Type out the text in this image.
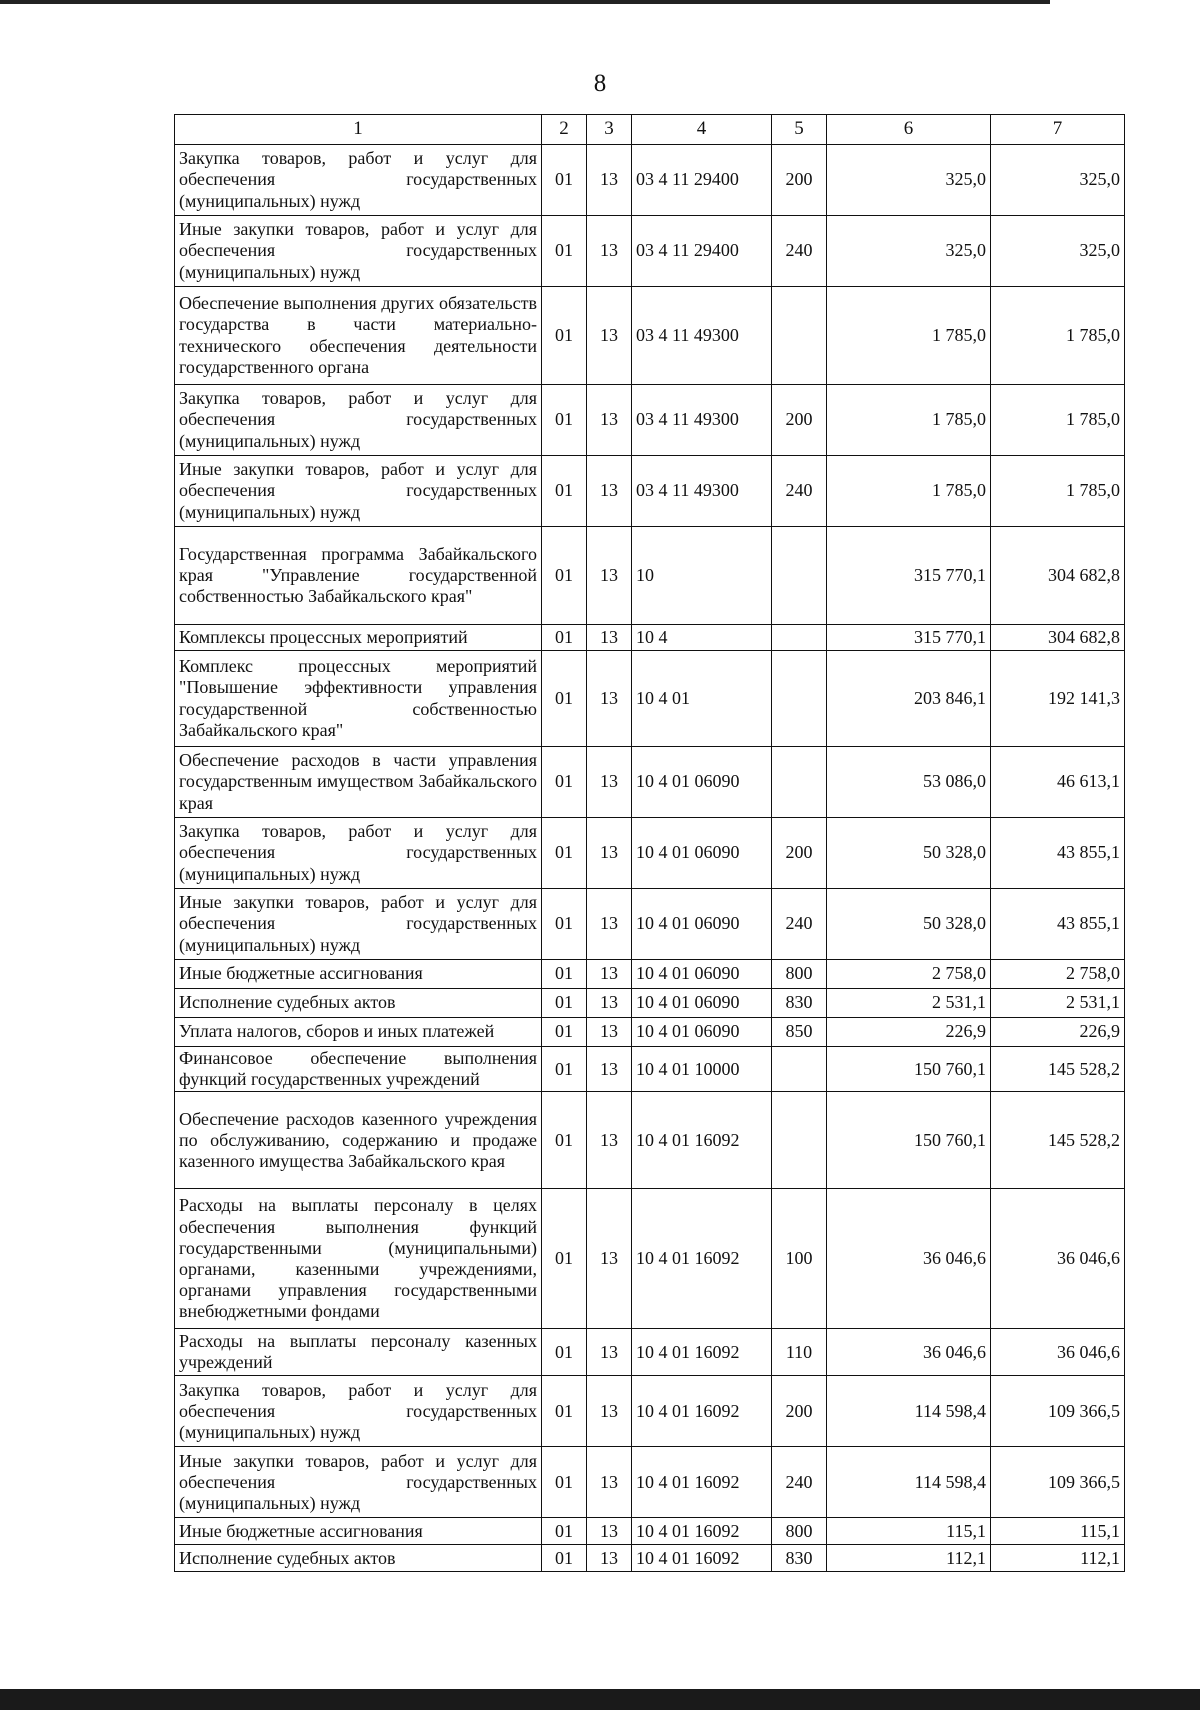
8
1	2	3	4	5	6	7
Закупка товаров, работ и услуг для обеспечения государственных (муниципальных) нужд	01	13	03 4 11 29400	200	325,0	325,0
Иные закупки товаров, работ и услуг для обеспечения государственных (муниципальных) нужд	01	13	03 4 11 29400	240	325,0	325,0
Обеспечение выполнения других обязательств государства в части материально-технического обеспечения деятельности государственного органа	01	13	03 4 11 49300		1 785,0	1 785,0
Закупка товаров, работ и услуг для обеспечения государственных (муниципальных) нужд	01	13	03 4 11 49300	200	1 785,0	1 785,0
Иные закупки товаров, работ и услуг для обеспечения государственных (муниципальных) нужд	01	13	03 4 11 49300	240	1 785,0	1 785,0
Государственная программа Забайкальского края "Управление государственной собственностью Забайкальского края"	01	13	10		315 770,1	304 682,8
Комплексы процессных мероприятий	01	13	10 4		315 770,1	304 682,8
Комплекс процессных мероприятий "Повышение эффективности управления государственной собственностью Забайкальского края"	01	13	10 4 01		203 846,1	192 141,3
Обеспечение расходов в части управления государственным имуществом Забайкальского края	01	13	10 4 01 06090		53 086,0	46 613,1
Закупка товаров, работ и услуг для обеспечения государственных (муниципальных) нужд	01	13	10 4 01 06090	200	50 328,0	43 855,1
Иные закупки товаров, работ и услуг для обеспечения государственных (муниципальных) нужд	01	13	10 4 01 06090	240	50 328,0	43 855,1
Иные бюджетные ассигнования	01	13	10 4 01 06090	800	2 758,0	2 758,0
Исполнение судебных актов	01	13	10 4 01 06090	830	2 531,1	2 531,1
Уплата налогов, сборов и иных платежей	01	13	10 4 01 06090	850	226,9	226,9
Финансовое обеспечение выполнения функций государственных учреждений	01	13	10 4 01 10000		150 760,1	145 528,2
Обеспечение расходов казенного учреждения по обслуживанию, содержанию и продаже казенного имущества Забайкальского края	01	13	10 4 01 16092		150 760,1	145 528,2
Расходы на выплаты персоналу в целях обеспечения выполнения функций государственными (муниципальными) органами, казенными учреждениями, органами управления государственными внебюджетными фондами	01	13	10 4 01 16092	100	36 046,6	36 046,6
Расходы на выплаты персоналу казенных учреждений	01	13	10 4 01 16092	110	36 046,6	36 046,6
Закупка товаров, работ и услуг для обеспечения государственных (муниципальных) нужд	01	13	10 4 01 16092	200	114 598,4	109 366,5
Иные закупки товаров, работ и услуг для обеспечения государственных (муниципальных) нужд	01	13	10 4 01 16092	240	114 598,4	109 366,5
Иные бюджетные ассигнования	01	13	10 4 01 16092	800	115,1	115,1
Исполнение судебных актов	01	13	10 4 01 16092	830	112,1	112,1
